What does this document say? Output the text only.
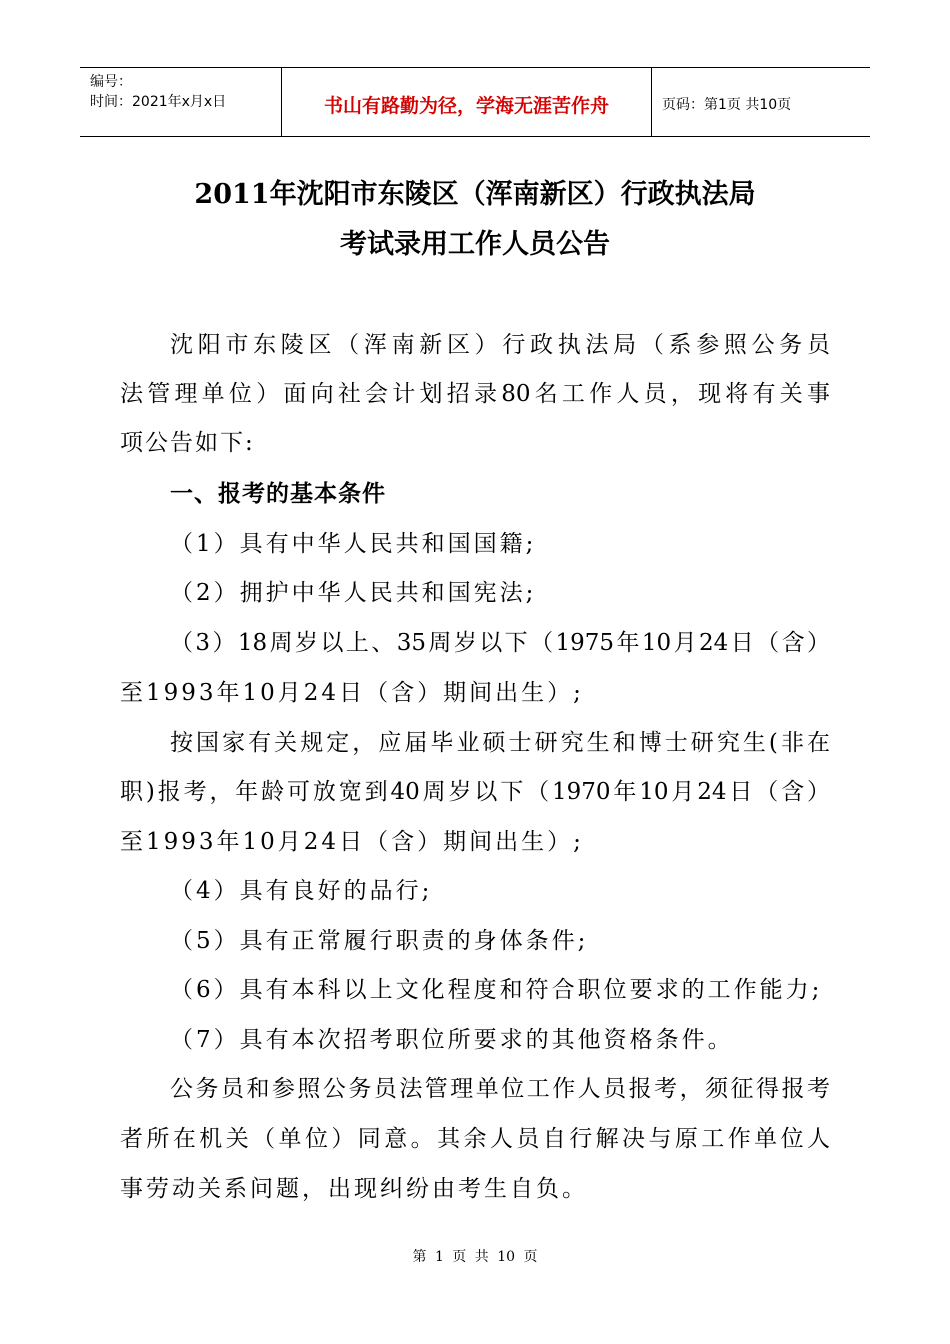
编号：
时间：2021年x月x日	书山有路勤为径，学海无涯苦作舟	页码：第1页 共10页
2011年沈阳市东陵区（浑南新区）行政执法局
考试录用工作人员公告
沈阳市东陵区（浑南新区）行政执法局（系参照公务员
法管理单位）面向社会计划招录80名工作人员，现将有关事
项公告如下:
一、报考的基本条件
（1）具有中华人民共和国国籍;
（2）拥护中华人民共和国宪法;
（3）18周岁以上、35周岁以下（1975年10月24日（含）
至1993年10月24日（含）期间出生）;
按国家有关规定，应届毕业硕士研究生和博士研究生(非在
职)报考，年龄可放宽到40周岁以下（1970年10月24日（含）
至1993年10月24日（含）期间出生）;
（4）具有良好的品行;
（5）具有正常履行职责的身体条件;
（6）具有本科以上文化程度和符合职位要求的工作能力;
（7）具有本次招考职位所要求的其他资格条件。
公务员和参照公务员法管理单位工作人员报考，须征得报考
者所在机关（单位）同意。其余人员自行解决与原工作单位人
事劳动关系问题，出现纠纷由考生自负。
第 1 页 共 10 页
